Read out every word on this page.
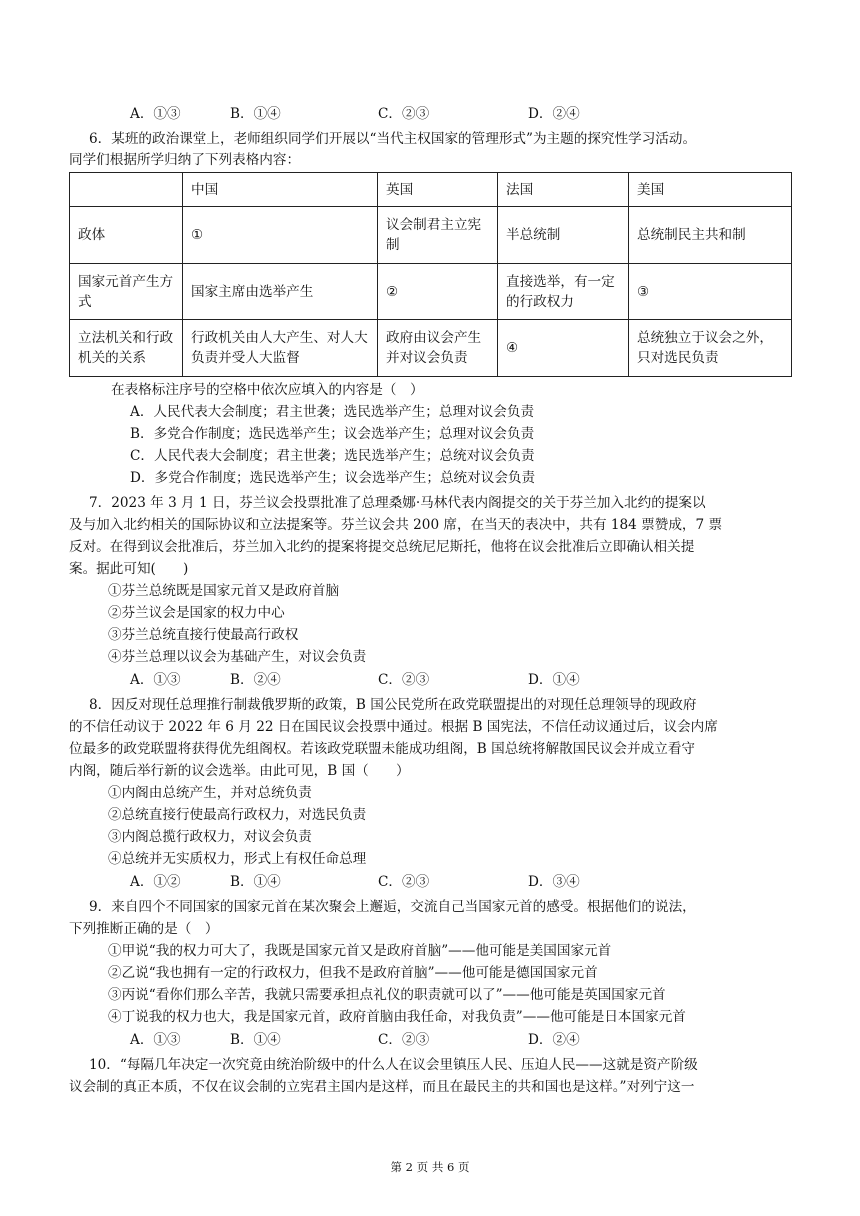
A．①③	B．①④	C．②③	D．②④
6．某班的政治课堂上，老师组织同学们开展以“当代主权国家的管理形式”为主题的探究性学习活动。
同学们根据所学归纳了下列表格内容：
	中国	英国	法国	美国
政体	①	议会制君主立宪制	半总统制	总统制民主共和制
国家元首产生方式	国家主席由选举产生	②	直接选举，有一定的行政权力	③
立法机关和行政机关的关系	行政机关由人大产生、对人大负责并受人大监督	政府由议会产生并对议会负责	④	总统独立于议会之外，只对选民负责
在表格标注序号的空格中依次应填入的内容是（　）
A．人民代表大会制度；君主世袭；选民选举产生；总理对议会负责
B．多党合作制度；选民选举产生；议会选举产生；总理对议会负责
C．人民代表大会制度；君主世袭；选民选举产生；总统对议会负责
D．多党合作制度；选民选举产生；议会选举产生；总统对议会负责
7．2023 年 3 月 1 日，芬兰议会投票批准了总理桑娜·马林代表内阁提交的关于芬兰加入北约的提案以
及与加入北约相关的国际协议和立法提案等。芬兰议会共 200 席，在当天的表决中，共有 184 票赞成，7 票
反对。在得到议会批准后，芬兰加入北约的提案将提交总统尼尼斯托，他将在议会批准后立即确认相关提
案。据此可知(　　)
①芬兰总统既是国家元首又是政府首脑
②芬兰议会是国家的权力中心
③芬兰总统直接行使最高行政权
④芬兰总理以议会为基础产生，对议会负责
A．①③	B．②④	C．②③	D．①④
8．因反对现任总理推行制裁俄罗斯的政策，B 国公民党所在政党联盟提出的对现任总理领导的现政府
的不信任动议于 2022 年 6 月 22 日在国民议会投票中通过。根据 B 国宪法，不信任动议通过后，议会内席
位最多的政党联盟将获得优先组阁权。若该政党联盟未能成功组阁，B 国总统将解散国民议会并成立看守
内阁，随后举行新的议会选举。由此可见，B 国（　　）
①内阁由总统产生，并对总统负责
②总统直接行使最高行政权力，对选民负责
③内阁总揽行政权力，对议会负责
④总统并无实质权力，形式上有权任命总理
A．①②	B．①④	C．②③	D．③④
9．来自四个不同国家的国家元首在某次聚会上邂逅，交流自己当国家元首的感受。根据他们的说法，
下列推断正确的是（　）
①甲说“我的权力可大了，我既是国家元首又是政府首脑”——他可能是美国国家元首
②乙说“我也拥有一定的行政权力，但我不是政府首脑”——他可能是德国国家元首
③丙说“看你们那么辛苦，我就只需要承担点礼仪的职责就可以了”——他可能是英国国家元首
④丁说我的权力也大，我是国家元首，政府首脑由我任命，对我负责”——他可能是日本国家元首
A．①③	B．①④	C．②③	D．②④
10．“每隔几年决定一次究竟由统治阶级中的什么人在议会里镇压人民、压迫人民——这就是资产阶级
议会制的真正本质，不仅在议会制的立宪君主国内是这样，而且在最民主的共和国也是这样。”对列宁这一
第 2 页 共 6 页
